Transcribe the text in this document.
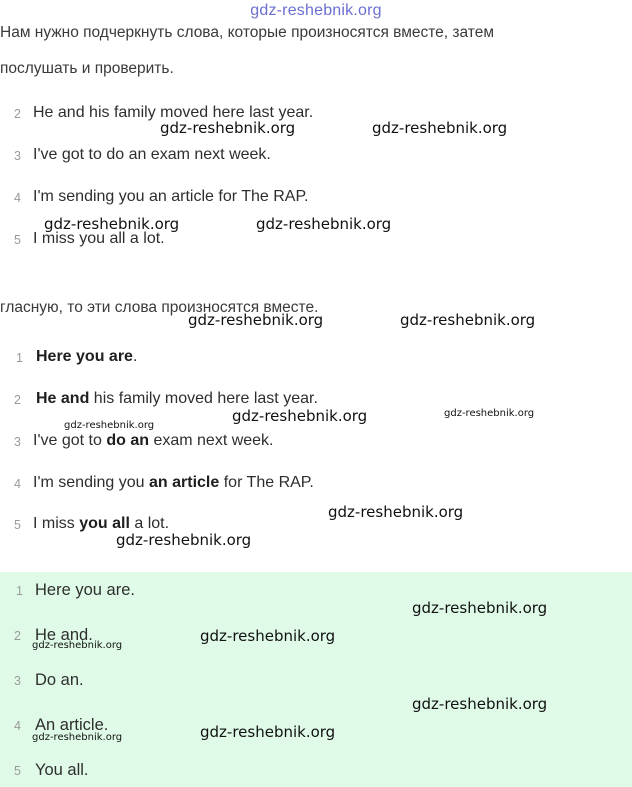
gdz-reshebnik.org
Нам нужно подчеркнуть слова, которые произносятся вместе, затем
послушать и проверить.
2 He and his family moved here last year.
3 I've got to do an exam next week.
4 I'm sending you an article for The RAP.
5 I miss you all a lot.
гласную, то эти слова произносятся вместе.
1 Here you are.
2 He and his family moved here last year.
3 I've got to do an exam next week.
4 I'm sending you an article for The RAP.
5 I miss you all a lot.
1 Here you are.
2 He and.
3 Do an.
4 An article.
5 You all.
gdz-reshebnik.org	gdz-reshebnik.org
gdz-reshebnik.org	gdz-reshebnik.org
gdz-reshebnik.org	gdz-reshebnik.org
gdz-reshebnik.org	gdz-reshebnik.org
gdz-reshebnik.org
gdz-reshebnik.org
gdz-reshebnik.org
gdz-reshebnik.org
gdz-reshebnik.org
gdz-reshebnik.org
gdz-reshebnik.org
gdz-reshebnik.org
gdz-reshebnik.org
